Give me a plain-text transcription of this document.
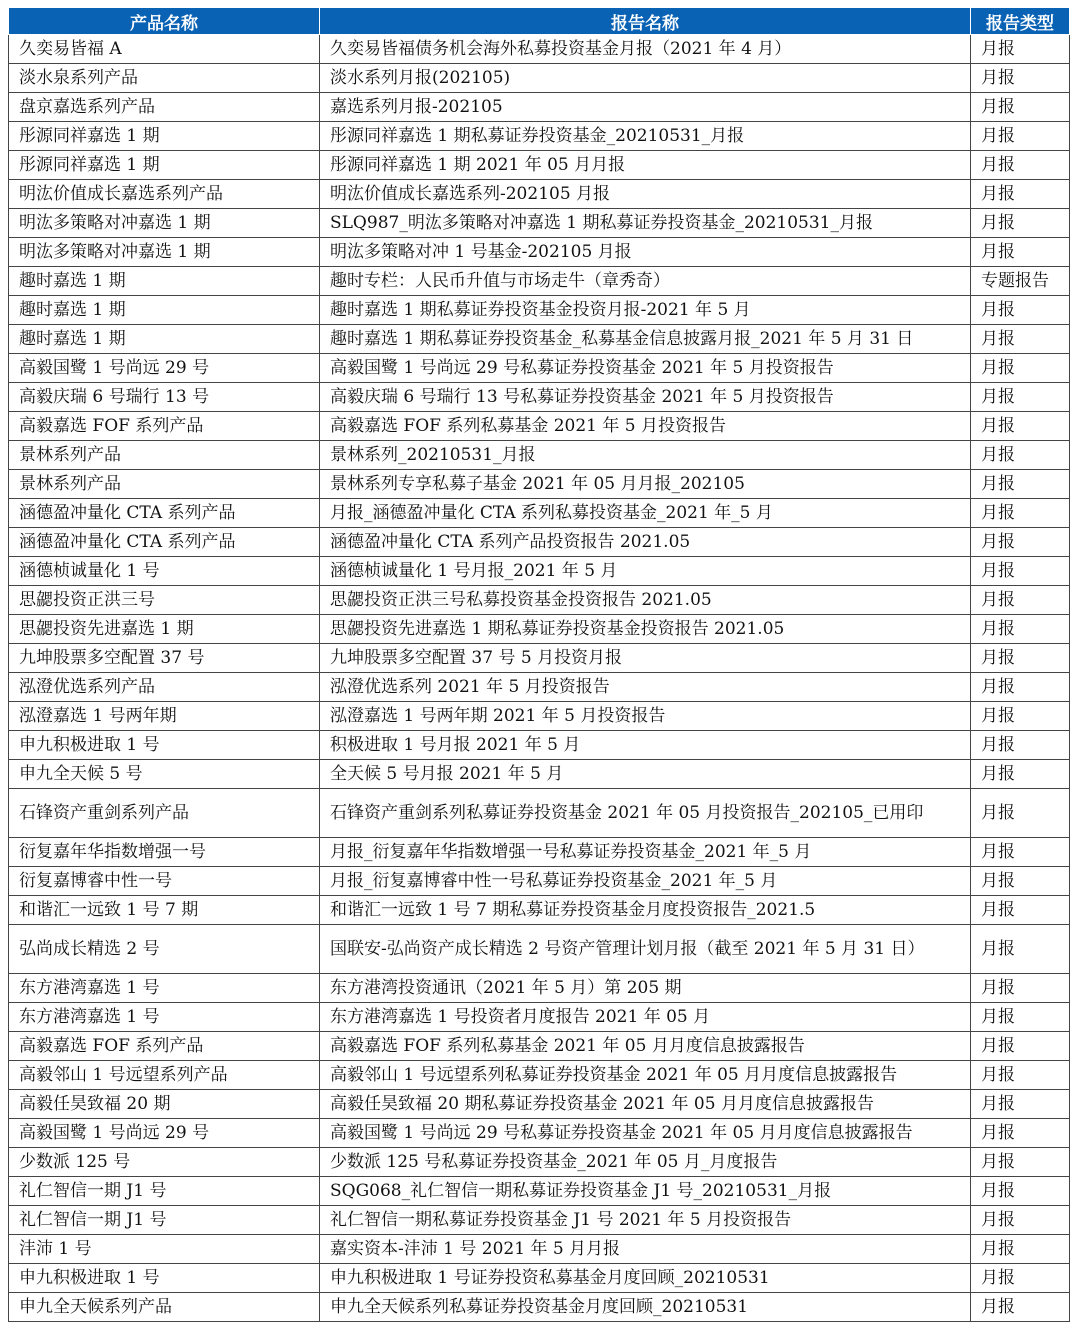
产品名称	报告名称	报告类型
久奕易皆福 A	久奕易皆福债务机会海外私募投资基金月报（2021 年 4 月）	月报
淡水泉系列产品	淡水系列月报(202105)	月报
盘京嘉选系列产品	嘉选系列月报-202105	月报
彤源同祥嘉选 1 期	彤源同祥嘉选 1 期私募证券投资基金_20210531_月报	月报
彤源同祥嘉选 1 期	彤源同祥嘉选 1 期 2021 年 05 月月报	月报
明汯价值成长嘉选系列产品	明汯价值成长嘉选系列-202105 月报	月报
明汯多策略对冲嘉选 1 期	SLQ987_明汯多策略对冲嘉选 1 期私募证券投资基金_20210531_月报	月报
明汯多策略对冲嘉选 1 期	明汯多策略对冲 1 号基金-202105 月报	月报
趣时嘉选 1 期	趣时专栏：人民币升值与市场走牛（章秀奇）	专题报告
趣时嘉选 1 期	趣时嘉选 1 期私募证券投资基金投资月报-2021 年 5 月	月报
趣时嘉选 1 期	趣时嘉选 1 期私募证券投资基金_私募基金信息披露月报_2021 年 5 月 31 日	月报
高毅国鹭 1 号尚远 29 号	高毅国鹭 1 号尚远 29 号私募证券投资基金 2021 年 5 月投资报告	月报
高毅庆瑞 6 号瑞行 13 号	高毅庆瑞 6 号瑞行 13 号私募证券投资基金 2021 年 5 月投资报告	月报
高毅嘉选 FOF 系列产品	高毅嘉选 FOF 系列私募基金 2021 年 5 月投资报告	月报
景林系列产品	景林系列_20210531_月报	月报
景林系列产品	景林系列专享私募子基金 2021 年 05 月月报_202105	月报
涵德盈冲量化 CTA 系列产品	月报_涵德盈冲量化 CTA 系列私募投资基金_2021 年_5 月	月报
涵德盈冲量化 CTA 系列产品	涵德盈冲量化 CTA 系列产品投资报告 2021.05	月报
涵德桢诚量化 1 号	涵德桢诚量化 1 号月报_2021 年 5 月	月报
思勰投资正洪三号	思勰投资正洪三号私募投资基金投资报告 2021.05	月报
思勰投资先进嘉选 1 期	思勰投资先进嘉选 1 期私募证券投资基金投资报告 2021.05	月报
九坤股票多空配置 37 号	九坤股票多空配置 37 号 5 月投资月报	月报
泓澄优选系列产品	泓澄优选系列 2021 年 5 月投资报告	月报
泓澄嘉选 1 号两年期	泓澄嘉选 1 号两年期 2021 年 5 月投资报告	月报
申九积极进取 1 号	积极进取 1 号月报 2021 年 5 月	月报
申九全天候 5 号	全天候 5 号月报 2021 年 5 月	月报
石锋资产重剑系列产品	石锋资产重剑系列私募证券投资基金 2021 年 05 月投资报告_202105_已用印	月报
衍复嘉年华指数增强一号	月报_衍复嘉年华指数增强一号私募证券投资基金_2021 年_5 月	月报
衍复嘉博睿中性一号	月报_衍复嘉博睿中性一号私募证券投资基金_2021 年_5 月	月报
和谐汇一远致 1 号 7 期	和谐汇一远致 1 号 7 期私募证券投资基金月度投资报告_2021.5	月报
弘尚成长精选 2 号	国联安-弘尚资产成长精选 2 号资产管理计划月报（截至 2021 年 5 月 31 日）	月报
东方港湾嘉选 1 号	东方港湾投资通讯（2021 年 5 月）第 205 期	月报
东方港湾嘉选 1 号	东方港湾嘉选 1 号投资者月度报告 2021 年 05 月	月报
高毅嘉选 FOF 系列产品	高毅嘉选 FOF 系列私募基金 2021 年 05 月月度信息披露报告	月报
高毅邻山 1 号远望系列产品	高毅邻山 1 号远望系列私募证券投资基金 2021 年 05 月月度信息披露报告	月报
高毅任昊致福 20 期	高毅任昊致福 20 期私募证券投资基金 2021 年 05 月月度信息披露报告	月报
高毅国鹭 1 号尚远 29 号	高毅国鹭 1 号尚远 29 号私募证券投资基金 2021 年 05 月月度信息披露报告	月报
少数派 125 号	少数派 125 号私募证券投资基金_2021 年 05 月_月度报告	月报
礼仁智信一期 J1 号	SQG068_礼仁智信一期私募证券投资基金 J1 号_20210531_月报	月报
礼仁智信一期 J1 号	礼仁智信一期私募证券投资基金 J1 号 2021 年 5 月投资报告	月报
沣沛 1 号	嘉实资本-沣沛 1 号 2021 年 5 月月报	月报
申九积极进取 1 号	申九积极进取 1 号证券投资私募基金月度回顾_20210531	月报
申九全天候系列产品	申九全天候系列私募证券投资基金月度回顾_20210531	月报
